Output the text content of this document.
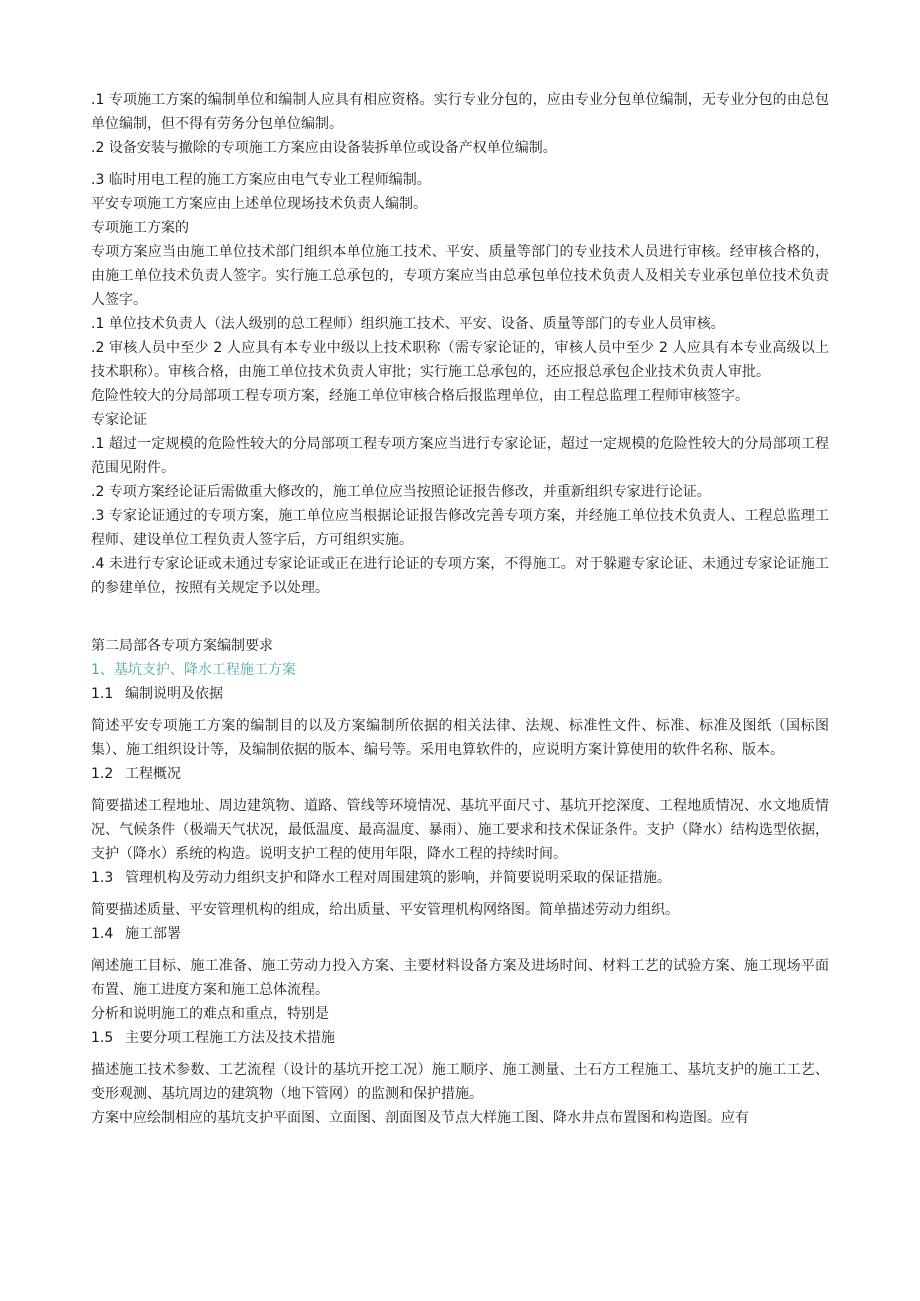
.1 专项施工方案的编制单位和编制人应具有相应资格。实行专业分包的，应由专业分包单位编制，无专业分包的由总包单位编制，但不得有劳务分包单位编制。

.2 设备安装与撤除的专项施工方案应由设备装拆单位或设备产权单位编制。

.3 临时用电工程的施工方案应由电气专业工程师编制。

平安专项施工方案应由上述单位现场技术负责人编制。

专项施工方案的

专项方案应当由施工单位技术部门组织本单位施工技术、平安、质量等部门的专业技术人员进行审核。经审核合格的，由施工单位技术负责人签字。实行施工总承包的，专项方案应当由总承包单位技术负责人及相关专业承包单位技术负责人签字。

.1 单位技术负责人（法人级别的总工程师）组织施工技术、平安、设备、质量等部门的专业人员审核。

.2 审核人员中至少 2 人应具有本专业中级以上技术职称（需专家论证的，审核人员中至少 2 人应具有本专业高级以上技术职称）。审核合格，由施工单位技术负责人审批；实行施工总承包的，还应报总承包企业技术负责人审批。

危险性较大的分局部项工程专项方案，经施工单位审核合格后报监理单位，由工程总监理工程师审核签字。

专家论证

.1 超过一定规模的危险性较大的分局部项工程专项方案应当进行专家论证，超过一定规模的危险性较大的分局部项工程范围见附件。

.2 专项方案经论证后需做重大修改的，施工单位应当按照论证报告修改，并重新组织专家进行论证。

.3 专家论证通过的专项方案，施工单位应当根据论证报告修改完善专项方案，并经施工单位技术负责人、工程总监理工程师、建设单位工程负责人签字后，方可组织实施。

.4 未进行专家论证或未通过专家论证或正在进行论证的专项方案，不得施工。对于躲避专家论证、未通过专家论证施工的参建单位，按照有关规定予以处理。

第二局部各专项方案编制要求

1、基坑支护、降水工程施工方案

1.1 编制说明及依据

简述平安专项施工方案的编制目的以及方案编制所依据的相关法律、法规、标准性文件、标准、标准及图纸（国标图集）、施工组织设计等，及编制依据的版本、编号等。采用电算软件的，应说明方案计算使用的软件名称、版本。

1.2 工程概况

简要描述工程地址、周边建筑物、道路、管线等环境情况、基坑平面尺寸、基坑开挖深度、工程地质情况、水文地质情况、气候条件（极端天气状况，最低温度、最高温度、暴雨）、施工要求和技术保证条件。支护（降水）结构选型依据，支护（降水）系统的构造。说明支护工程的使用年限，降水工程的持续时间。

1.3 管理机构及劳动力组织支护和降水工程对周围建筑的影响，并简要说明采取的保证措施。

简要描述质量、平安管理机构的组成，给出质量、平安管理机构网络图。简单描述劳动力组织。

1.4 施工部署

阐述施工目标、施工准备、施工劳动力投入方案、主要材料设备方案及进场时间、材料工艺的试验方案、施工现场平面布置、施工进度方案和施工总体流程。

分析和说明施工的难点和重点，特别是

1.5 主要分项工程施工方法及技术措施

描述施工技术参数、工艺流程（设计的基坑开挖工况）施工顺序、施工测量、土石方工程施工、基坑支护的施工工艺、变形观测、基坑周边的建筑物（地下管网）的监测和保护措施。

方案中应绘制相应的基坑支护平面图、立面图、剖面图及节点大样施工图、降水井点布置图和构造图。应有
